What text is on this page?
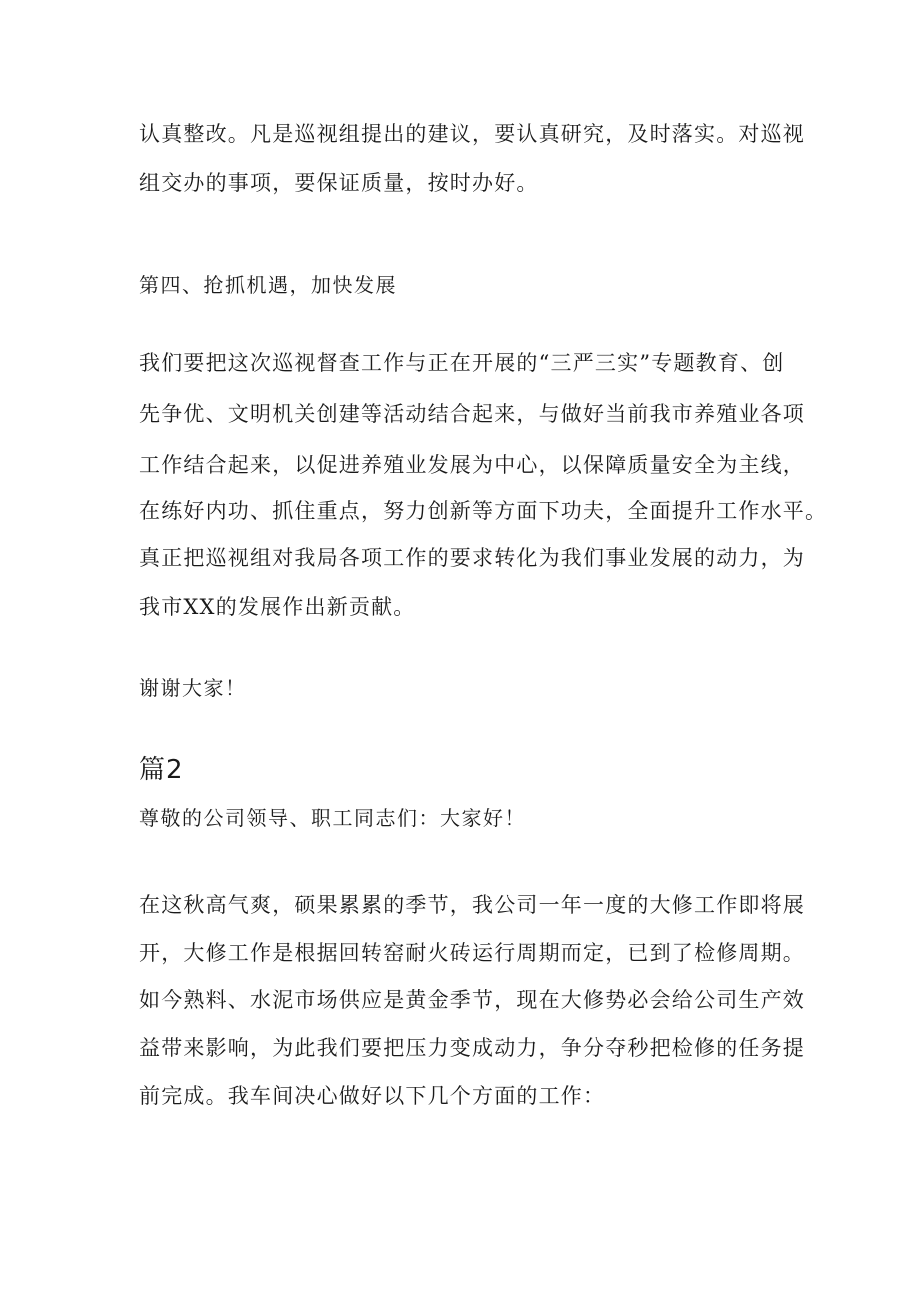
认真整改。凡是巡视组提出的建议，要认真研究，及时落实。对巡视
组交办的事项，要保证质量，按时办好。
第四、抢抓机遇，加快发展
我们要把这次巡视督查工作与正在开展的“三严三实”专题教育、创
先争优、文明机关创建等活动结合起来，与做好当前我市养殖业各项
工作结合起来，以促进养殖业发展为中心，以保障质量安全为主线，
在练好内功、抓住重点，努力创新等方面下功夫，全面提升工作水平。
真正把巡视组对我局各项工作的要求转化为我们事业发展的动力，为
我市XX的发展作出新贡献。
谢谢大家！
篇2
尊敬的公司领导、职工同志们：大家好！
在这秋高气爽，硕果累累的季节，我公司一年一度的大修工作即将展
开，大修工作是根据回转窑耐火砖运行周期而定，已到了检修周期。
如今熟料、水泥市场供应是黄金季节，现在大修势必会给公司生产效
益带来影响，为此我们要把压力变成动力，争分夺秒把检修的任务提
前完成。我车间决心做好以下几个方面的工作：
